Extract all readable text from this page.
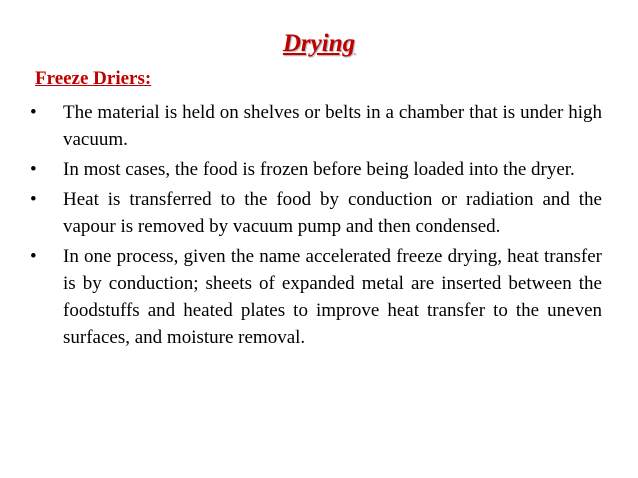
Drying
Freeze Driers:
• The material is held on shelves or belts in a chamber that is under high vacuum.
• In most cases, the food is frozen before being loaded into the dryer.
• Heat is transferred to the food by conduction or radiation and the vapour is removed by vacuum pump and then condensed.
• In one process, given the name accelerated freeze drying, heat transfer is by conduction; sheets of expanded metal are inserted between the foodstuffs and heated plates to improve heat transfer to the uneven surfaces, and moisture removal.
